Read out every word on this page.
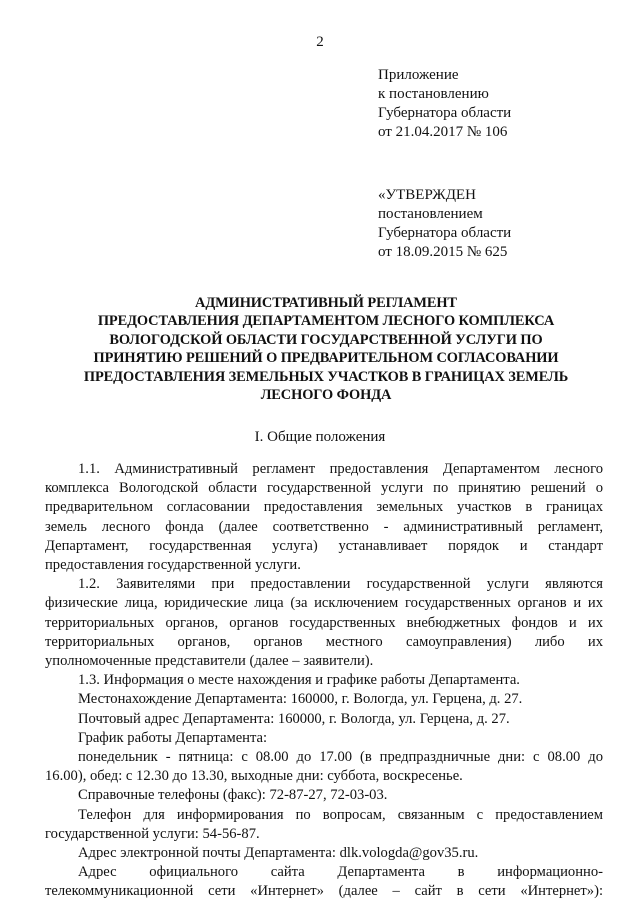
2
Приложение
к постановлению
Губернатора области
от 21.04.2017 № 106
«УТВЕРЖДЕН
постановлением
Губернатора области
от 18.09.2015 № 625
АДМИНИСТРАТИВНЫЙ РЕГЛАМЕНТ
ПРЕДОСТАВЛЕНИЯ ДЕПАРТАМЕНТОМ ЛЕСНОГО КОМПЛЕКСА
ВОЛОГОДСКОЙ ОБЛАСТИ ГОСУДАРСТВЕННОЙ УСЛУГИ ПО
ПРИНЯТИЮ РЕШЕНИЙ О ПРЕДВАРИТЕЛЬНОМ СОГЛАСОВАНИИ
ПРЕДОСТАВЛЕНИЯ ЗЕМЕЛЬНЫХ УЧАСТКОВ В ГРАНИЦАХ ЗЕМЕЛЬ
ЛЕСНОГО ФОНДА
I. Общие положения
1.1. Административный регламент предоставления Департаментом лесного
комплекса Вологодской области государственной услуги по принятию решений о
предварительном согласовании предоставления земельных участков в границах
земель лесного фонда (далее соответственно - административный регламент,
Департамент, государственная услуга) устанавливает порядок и стандарт
предоставления государственной услуги.
1.2. Заявителями при предоставлении государственной услуги являются
физические лица, юридические лица (за исключением государственных органов и их
территориальных органов, органов государственных внебюджетных фондов и их
территориальных органов, органов местного самоуправления) либо их
уполномоченные представители (далее – заявители).
1.3. Информация о месте нахождения и графике работы Департамента.
Местонахождение Департамента: 160000, г. Вологда, ул. Герцена, д. 27.
Почтовый адрес Департамента: 160000, г. Вологда, ул. Герцена, д. 27.
График работы Департамента:
понедельник - пятница: с 08.00 до 17.00 (в предпраздничные дни: с 08.00 до
16.00), обед: с 12.30 до 13.30, выходные дни: суббота, воскресенье.
Справочные телефоны (факс): 72-87-27, 72-03-03.
Телефон для информирования по вопросам, связанным с предоставлением
государственной услуги: 54-56-87.
Адрес электронной почты Департамента: dlk.vologda@gov35.ru.
Адрес официального сайта Департамента в информационно-
телекоммуникационной сети «Интернет» (далее – сайт в сети «Интернет»):
